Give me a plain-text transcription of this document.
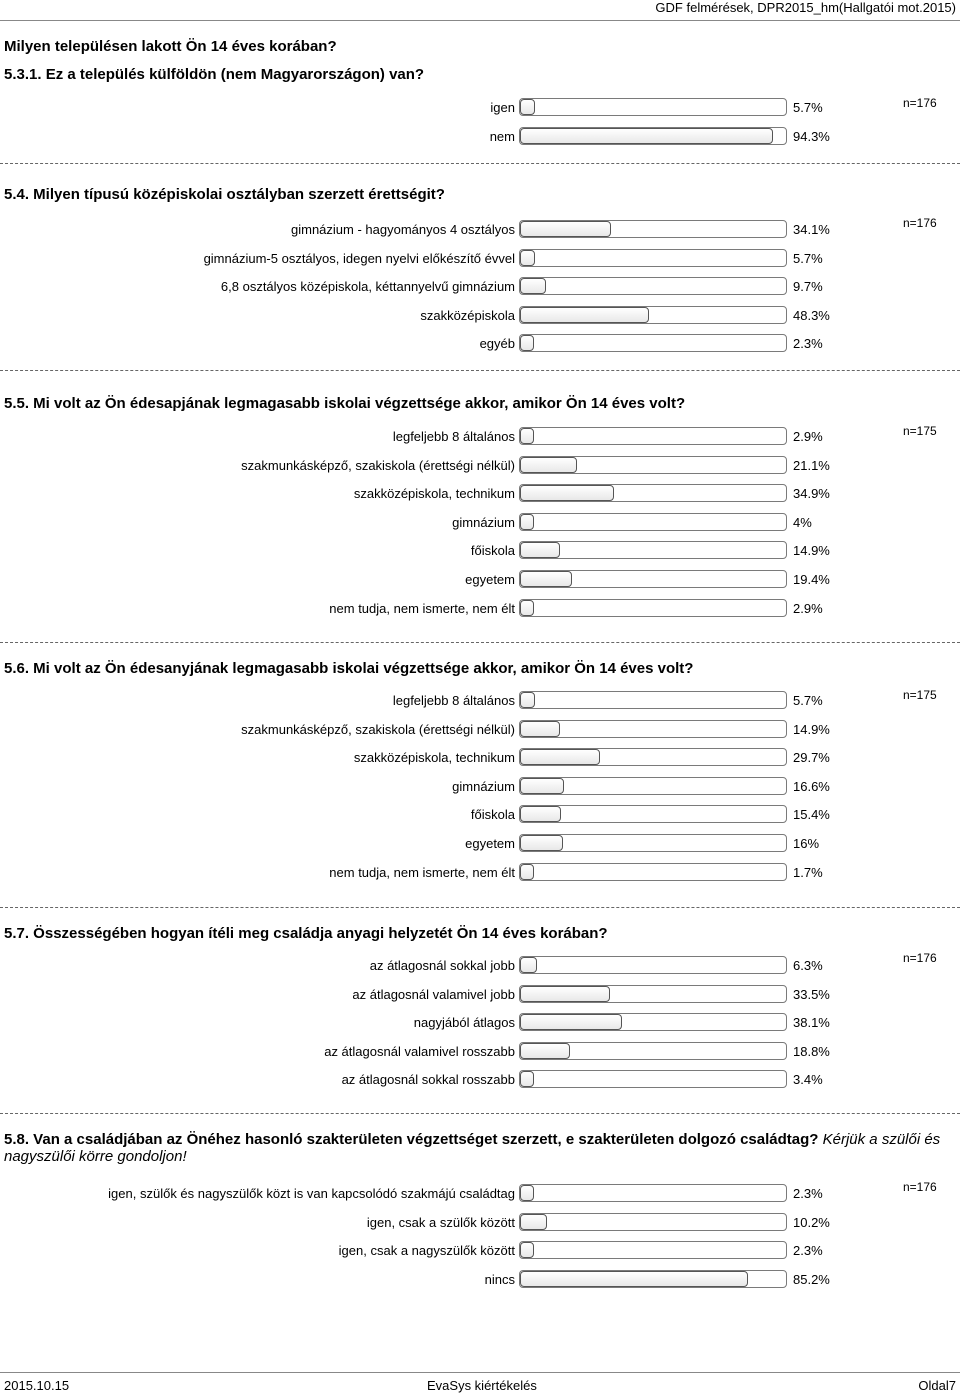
GDF felmérések, DPR2015_hm(Hallgatói mot.2015)
Milyen településen lakott Ön 14 éves korában?
5.3.1. Ez a település külföldön (nem Magyarországon) van?
n=176
igen	5.7%
nem	94.3%
5.4. Milyen típusú középiskolai osztályban szerzett érettségit?
n=176
gimnázium - hagyományos 4 osztályos	34.1%
gimnázium-5 osztályos, idegen nyelvi előkészítő évvel	5.7%
6,8 osztályos középiskola, kéttannyelvű gimnázium	9.7%
szakközépiskola	48.3%
egyéb	2.3%
5.5. Mi volt az Ön édesapjának legmagasabb iskolai végzettsége akkor, amikor Ön 14 éves volt?
n=175
legfeljebb 8 általános	2.9%
szakmunkásképző, szakiskola (érettségi nélkül)	21.1%
szakközépiskola, technikum	34.9%
gimnázium	4%
főiskola	14.9%
egyetem	19.4%
nem tudja, nem ismerte, nem élt	2.9%
5.6. Mi volt az Ön édesanyjának legmagasabb iskolai végzettsége akkor, amikor Ön 14 éves volt?
n=175
legfeljebb 8 általános	5.7%
szakmunkásképző, szakiskola (érettségi nélkül)	14.9%
szakközépiskola, technikum	29.7%
gimnázium	16.6%
főiskola	15.4%
egyetem	16%
nem tudja, nem ismerte, nem élt	1.7%
5.7. Összességében hogyan ítéli meg családja anyagi helyzetét Ön 14 éves korában?
n=176
az átlagosnál sokkal jobb	6.3%
az átlagosnál valamivel jobb	33.5%
nagyjából átlagos	38.1%
az átlagosnál valamivel rosszabb	18.8%
az átlagosnál sokkal rosszabb	3.4%
5.8. Van a családjában az Önéhez hasonló szakterületen végzettséget szerzett, e szakterületen dolgozó családtag? Kérjük a szülői és nagyszülői körre gondoljon!
n=176
igen, szülők és nagyszülők közt is van kapcsolódó szakmájú családtag	2.3%
igen, csak a szülők között	10.2%
igen, csak a nagyszülők között	2.3%
nincs	85.2%
2015.10.15	EvaSys kiértékelés	Oldal7
